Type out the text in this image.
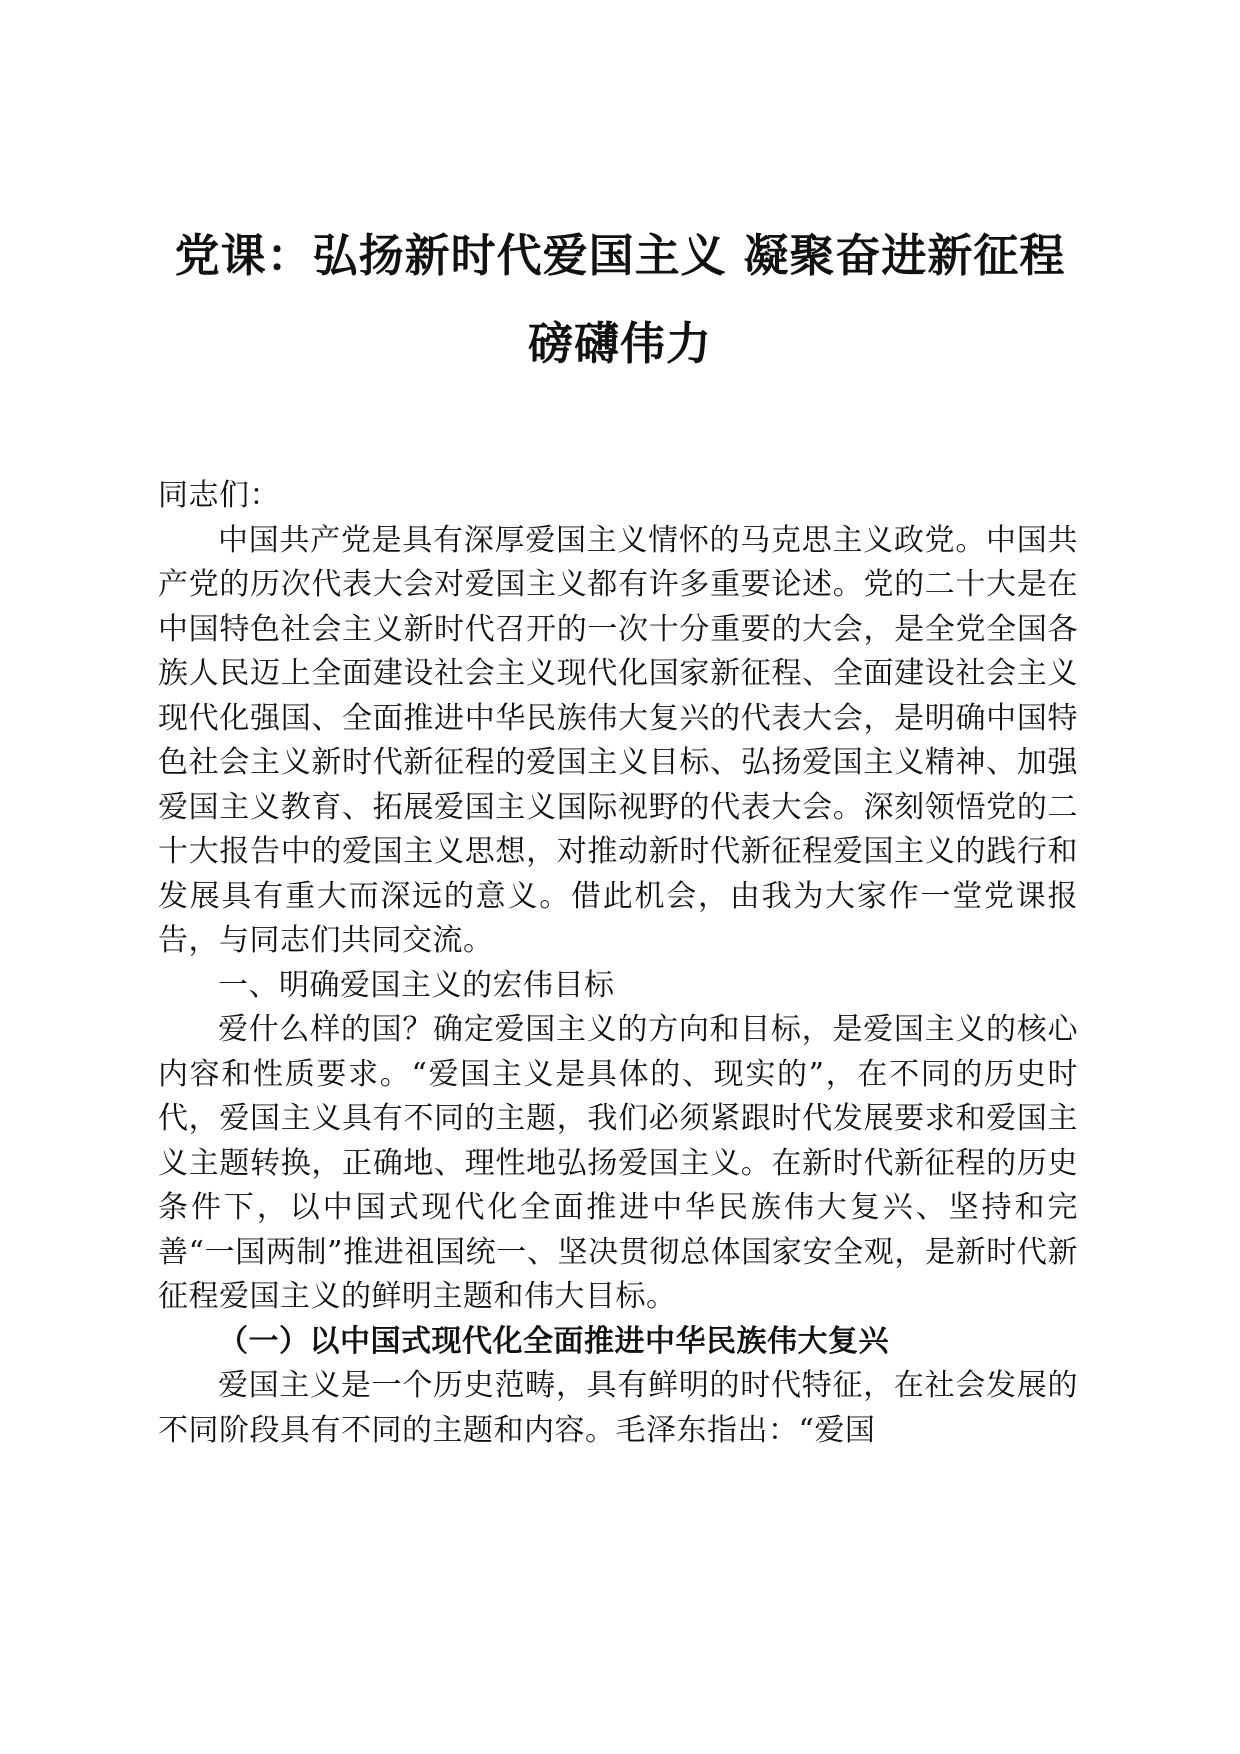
党课：弘扬新时代爱国主义 凝聚奋进新征程
磅礴伟力

同志们：

中国共产党是具有深厚爱国主义情怀的马克思主义政党。中国共产党的历次代表大会对爱国主义都有许多重要论述。党的二十大是在中国特色社会主义新时代召开的一次十分重要的大会，是全党全国各族人民迈上全面建设社会主义现代化国家新征程、全面建设社会主义现代化强国、全面推进中华民族伟大复兴的代表大会，是明确中国特色社会主义新时代新征程的爱国主义目标、弘扬爱国主义精神、加强爱国主义教育、拓展爱国主义国际视野的代表大会。深刻领悟党的二十大报告中的爱国主义思想，对推动新时代新征程爱国主义的践行和发展具有重大而深远的意义。借此机会，由我为大家作一堂党课报告，与同志们共同交流。

一、明确爱国主义的宏伟目标

爱什么样的国？确定爱国主义的方向和目标，是爱国主义的核心内容和性质要求。“爱国主义是具体的、现实的”，在不同的历史时代，爱国主义具有不同的主题，我们必须紧跟时代发展要求和爱国主义主题转换，正确地、理性地弘扬爱国主义。在新时代新征程的历史条件下，以中国式现代化全面推进中华民族伟大复兴、坚持和完善“一国两制”推进祖国统一、坚决贯彻总体国家安全观，是新时代新征程爱国主义的鲜明主题和伟大目标。

（一）以中国式现代化全面推进中华民族伟大复兴

爱国主义是一个历史范畴，具有鲜明的时代特征，在社会发展的不同阶段具有不同的主题和内容。毛泽东指出：“爱国
